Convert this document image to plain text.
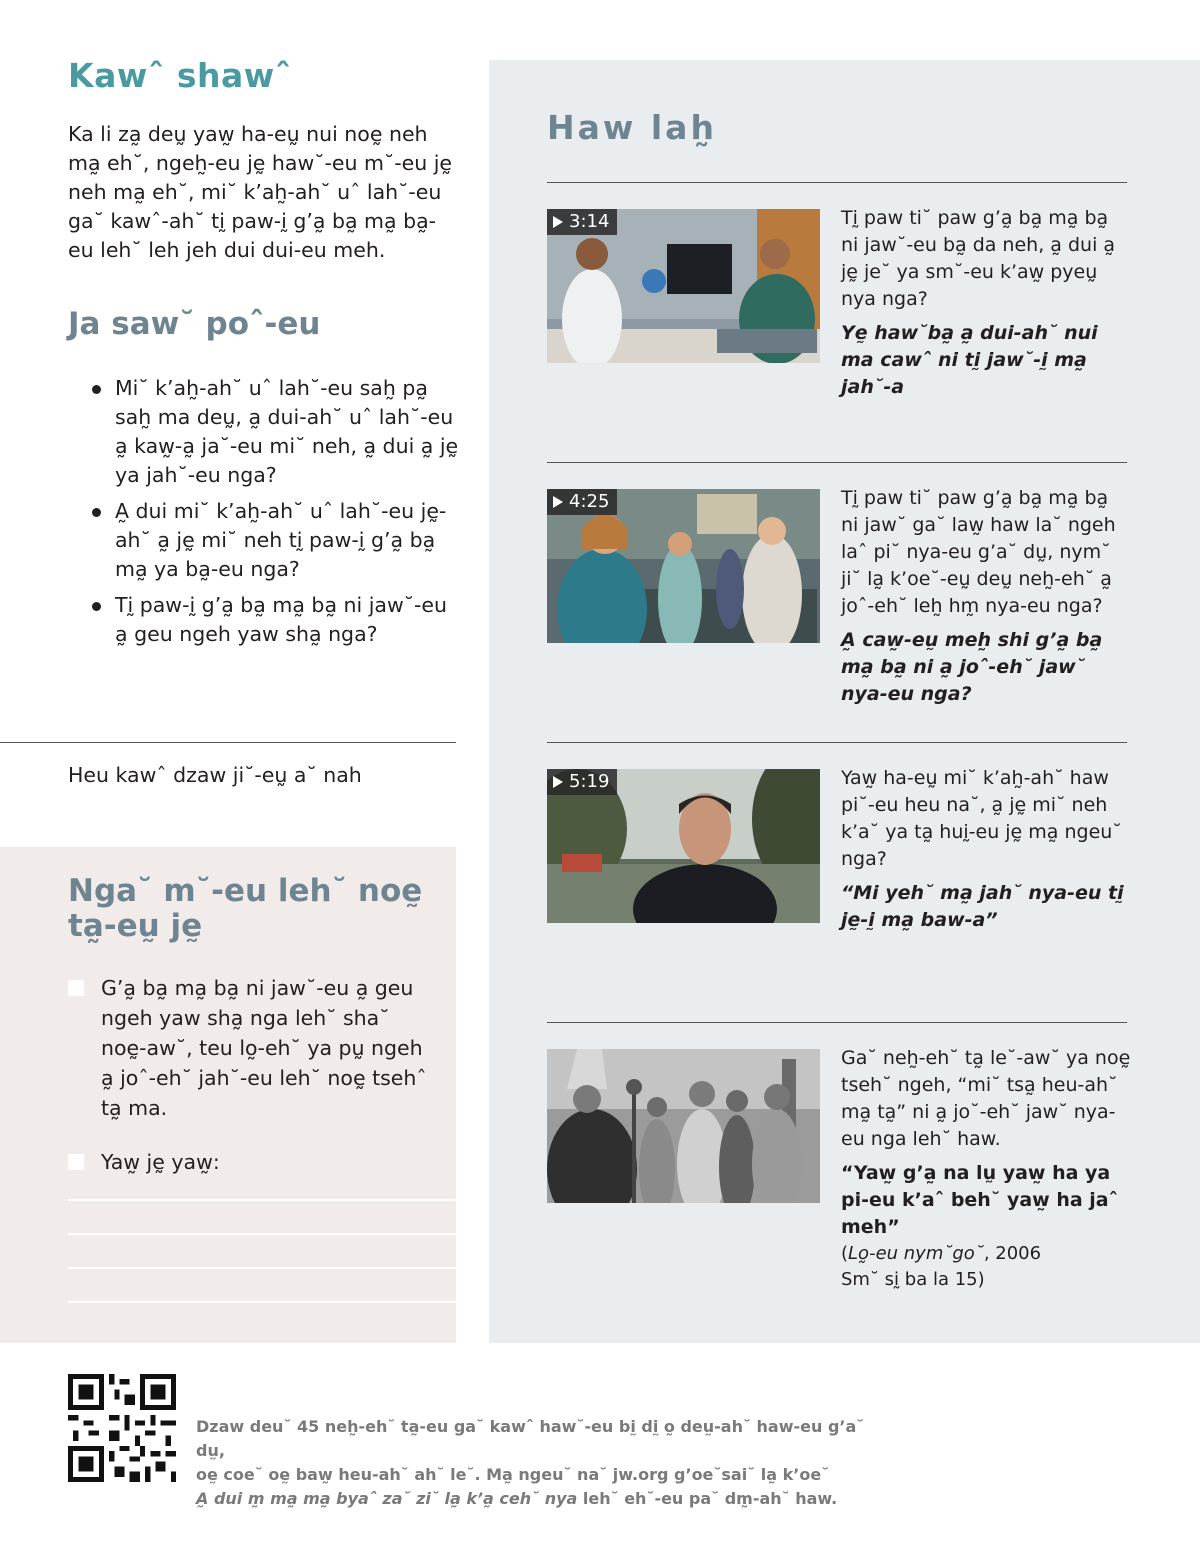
Kawˆ shawˆ

Ka li za̰ deṵ yaw̰ ha-eṵ nui noḛ neh ma̰ eh˘, ngeh̰-eu jḛ haw˘-eu m˘-eu jḛ neh ma̰ eh˘, mi˘ k’ah̰-ah˘ uˆ lah˘-eu ga˘ kawˆ-ah˘ tḭ paw-ḭ g’a̰ ba̰ ma̰ ba̰-eu leh˘ leh jeh dui dui-eu meh.

Ja saw˘ poˆ-eu
Mi˘ k’ah̰-ah˘ uˆ lah˘-eu sah̰ pa̰ sah̰ ma deṵ, a̰ dui-ah˘ uˆ lah˘-eu a̰ kaw̰-a̰ ja˘-eu mi˘ neh, a̰ dui a̰ jḛ ya jah˘-eu nga?
A̰ dui mi˘ k’ah̰-ah˘ uˆ lah˘-eu jḛ-ah˘ a̰ jḛ mi˘ neh tḭ paw-ḭ g’a̰ ba̰ ma̰ ya ba̰-eu nga?
Tḭ paw-ḭ g’a̰ ba̰ ma̰ ba̰ ni jaw˘-eu a̰ geu ngeh yaw sha̰ nga?

Heu kawˆ dzaw ji˘-eṵ a˘ nah

Nga˘ m˘-eu leh˘ noḛ ta̰-eṵ jḛ
G’a̰ ba̰ ma̰ ba̰ ni jaw˘-eu a̰ geu ngeh yaw sha̰ nga leh˘ sha˘ noḛ-aw˘, teu lo̰-eh˘ ya pṵ ngeh a̰ joˆ-eh˘ jah˘-eu leh˘ noḛ tsehˆ ta̰ ma.
Yaw̰ jḛ yaw̰:
Haw lah̰
3:14	Tḭ paw ti˘ paw g’a̰ ba̰ ma̰ ba̰ ni jaw˘-eu ba̰ da neh, a̰ dui a̰ jḛ je˘ ya sm˘-eu k’aw̰ pyeṵ nya nga?

Yḛ haw˘ba̰ a̰ dui-ah˘ nui ma cawˆ ni tḭ jaw˘-ḭ ma̰ jah˘-a

4:25	Tḭ paw ti˘ paw g’a̰ ba̰ ma̰ ba̰ ni jaw˘ ga˘ law̰ haw la˘ ngeh laˆ pi˘ nya-eu g’a˘ dṵ, nym˘ ji˘ la̰ k’oe˘-eṵ deṵ neh̰-eh˘ a̰ joˆ-eh˘ leh̰ hm̰ nya-eu nga?

A̰ caw̰-eṵ meh̰ shi g’a̰ ba̰ ma̰ ba̰ ni a̰ joˆ-eh˘ jaw˘ nya-eu nga?

5:19	Yaw̰ ha-eṵ mi˘ k’ah̰-ah˘ haw pi˘-eu heu na˘, a̰ jḛ mi˘ neh k’a˘ ya ta̰ huḭ-eu jḛ ma̰ ngeu˘ nga?

“Mi yeh˘ ma̰ jah˘ nya-eu tḭ jḛ-ḭ ma̰ baw-a”

Ga˘ neh̰-eh˘ ta̰ le˘-aw˘ ya noḛ tseh˘ ngeh, “mi˘ tsa̰ heu-ah˘ ma̰ ta̰” ni a̰ jo˘-eh˘ jaw˘ nya-eu nga leh˘ haw.

“Yaw̰ g’a̰ na lṵ yaw̰ ha ya pi-eu k’aˆ beh˘ yaw̰ ha jaˆ meh”

(Lo̰-eu nym˘go˘, 2006

Sm˘ sḭ ba la 15)

Dzaw deu˘ 45 neh̰-eh˘ ta̰-eu ga˘ kawˆ haw˘-eu bḭ dḭ o̰ deṵ-ah˘ haw-eu g’a˘ dṵ,

oḛ coe˘ oḛ baw̰ heu-ah˘ ah˘ le˘. Ma̰ ngeu˘ na˘ jw.org g’oe˘sai˘ la̰ k’oe˘

A̰ dui m̰ ma̰ ma̰ byaˆ za˘ zi˘ la̰ k’a̰ ceh˘ nya leh˘ eh˘-eu pa˘ dm̰-ah˘ haw.
